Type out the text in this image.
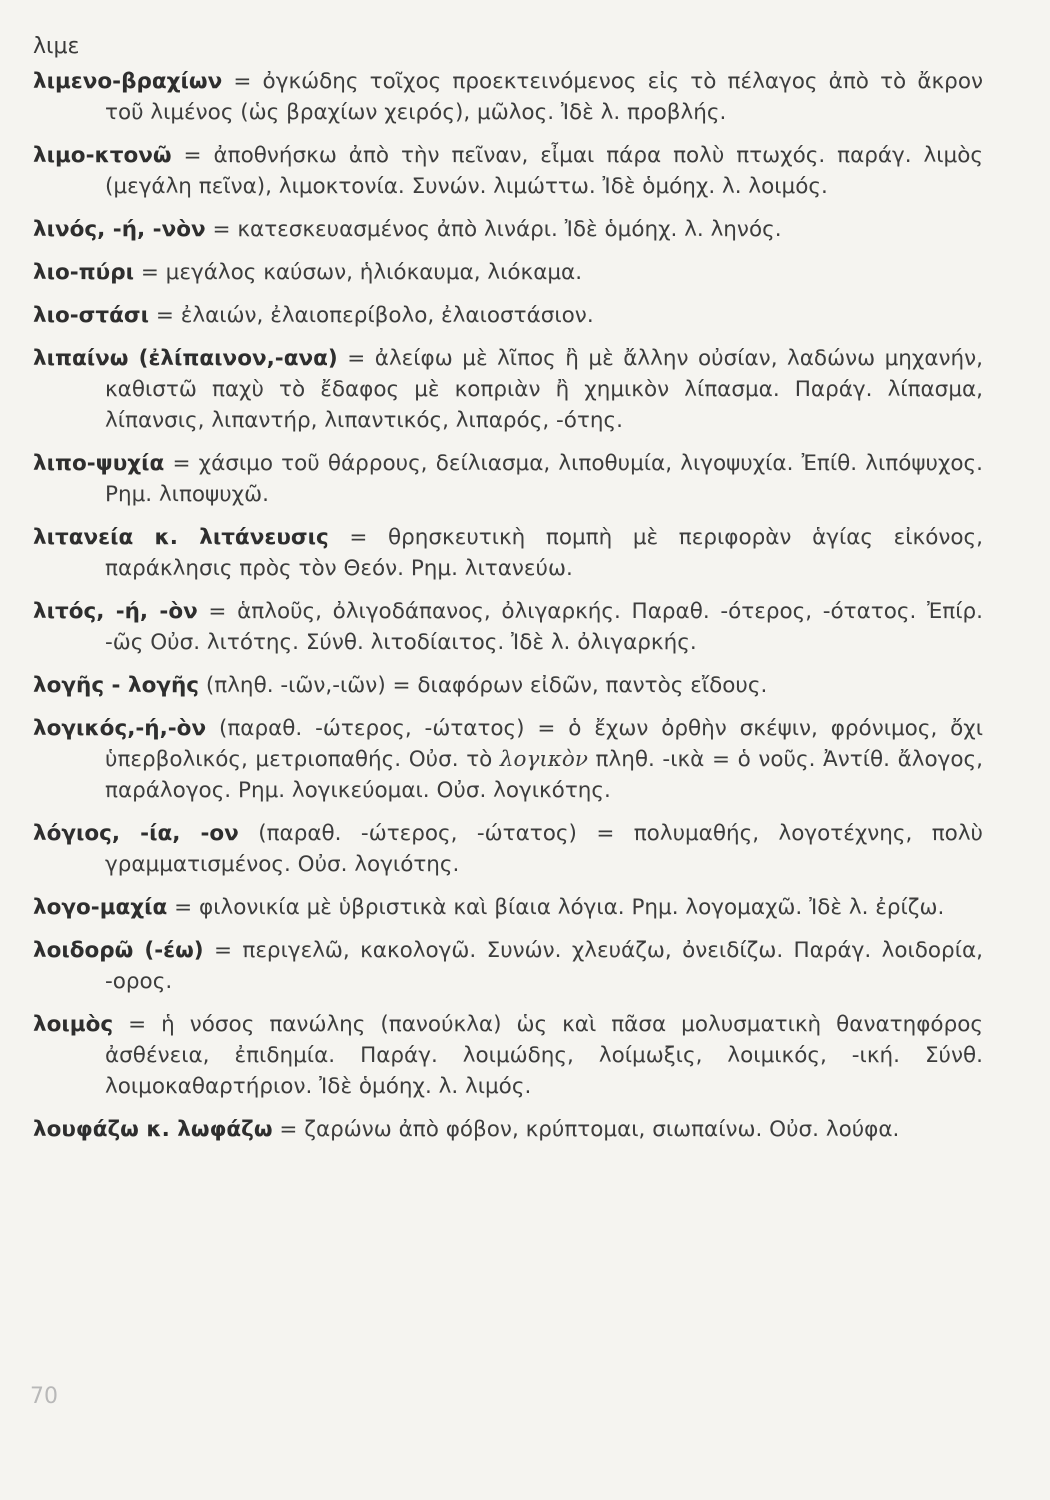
λιμε

λιμενο-βραχίων = ὀγκώδης τοῖχος προεκτεινόμενος εἰς τὸ πέλαγος ἀπὸ τὸ ἄκρον τοῦ λιμένος (ὡς βραχίων χειρός), μῶλος. Ἰδὲ λ. προβλής.

λιμο-κτονῶ = ἀποθνήσκω ἀπὸ τὴν πεῖναν, εἶμαι πάρα πολὺ πτωχός. παράγ. λιμὸς (μεγάλη πεῖνα), λιμοκτονία. Συνών. λιμώττω. Ἰδὲ ὁμόηχ. λ. λοιμός.

λινός, -ή, -νὸν = κατεσκευασμένος ἀπὸ λινάρι. Ἰδὲ ὁμόηχ. λ. ληνός.

λιο-πύρι = μεγάλος καύσων, ἡλιόκαυμα, λιόκαμα.

λιο-στάσι = ἐλαιών, ἐλαιοπερίβολο, ἐλαιοστάσιον.

λιπαίνω (ἐλίπαινον,-ανα) = ἀλείφω μὲ λῖπος ἢ μὲ ἄλλην οὐσίαν, λαδώνω μηχανήν, καθιστῶ παχὺ τὸ ἔδαφος μὲ κοπριὰν ἢ χημικὸν λίπασμα. Παράγ. λίπασμα, λίπανσις, λιπαντήρ, λιπαντικός, λιπαρός, -ότης.

λιπο-ψυχία = χάσιμο τοῦ θάρρους, δείλιασμα, λιποθυμία, λιγοψυχία. Ἐπίθ. λιπόψυχος. Ρημ. λιποψυχῶ.

λιτανεία κ. λιτάνευσις = θρησκευτικὴ πομπὴ μὲ περιφορὰν ἁγίας εἰκόνος, παράκλησις πρὸς τὸν Θεόν. Ρημ. λιτανεύω.

λιτός, -ή, -ὸν = ἁπλοῦς, ὀλιγοδάπανος, ὀλιγαρκής. Παραθ. -ότερος, -ότατος. Ἐπίρ. -ῶς Οὐσ. λιτότης. Σύνθ. λιτοδίαιτος. Ἰδὲ λ. ὀλιγαρκής.

λογῆς - λογῆς (πληθ. -ιῶν,-ιῶν) = διαφόρων εἰδῶν, παντὸς εἴδους.

λογικός,-ή,-ὸν (παραθ. -ώτερος, -ώτατος) = ὁ ἔχων ὀρθὴν σκέψιν, φρόνιμος, ὄχι ὑπερβολικός, μετριοπαθής. Οὐσ. τὸ λογικὸν πληθ. -ικὰ = ὁ νοῦς. Ἀντίθ. ἄλογος, παράλογος. Ρημ. λογικεύομαι. Οὐσ. λογικότης.

λόγιος, -ία, -ον (παραθ. -ώτερος, -ώτατος) = πολυμαθής, λογοτέχνης, πολὺ γραμματισμένος. Οὐσ. λογιότης.

λογο-μαχία = φιλονικία μὲ ὑβριστικὰ καὶ βίαια λόγια. Ρημ. λογομαχῶ. Ἰδὲ λ. ἐρίζω.

λοιδορῶ (-έω) = περιγελῶ, κακολογῶ. Συνών. χλευάζω, ὀνειδίζω. Παράγ. λοιδορία, -ορος.

λοιμὸς = ἡ νόσος πανώλης (πανούκλα) ὡς καὶ πᾶσα μολυσματικὴ θανατηφόρος ἀσθένεια, ἐπιδημία. Παράγ. λοιμώδης, λοίμωξις, λοιμικός, -ική. Σύνθ. λοιμοκαθαρτήριον. Ἰδὲ ὁμόηχ. λ. λιμός.

λουφάζω κ. λωφάζω = ζαρώνω ἀπὸ φόβον, κρύπτομαι, σιωπαίνω. Οὐσ. λούφα.

70
